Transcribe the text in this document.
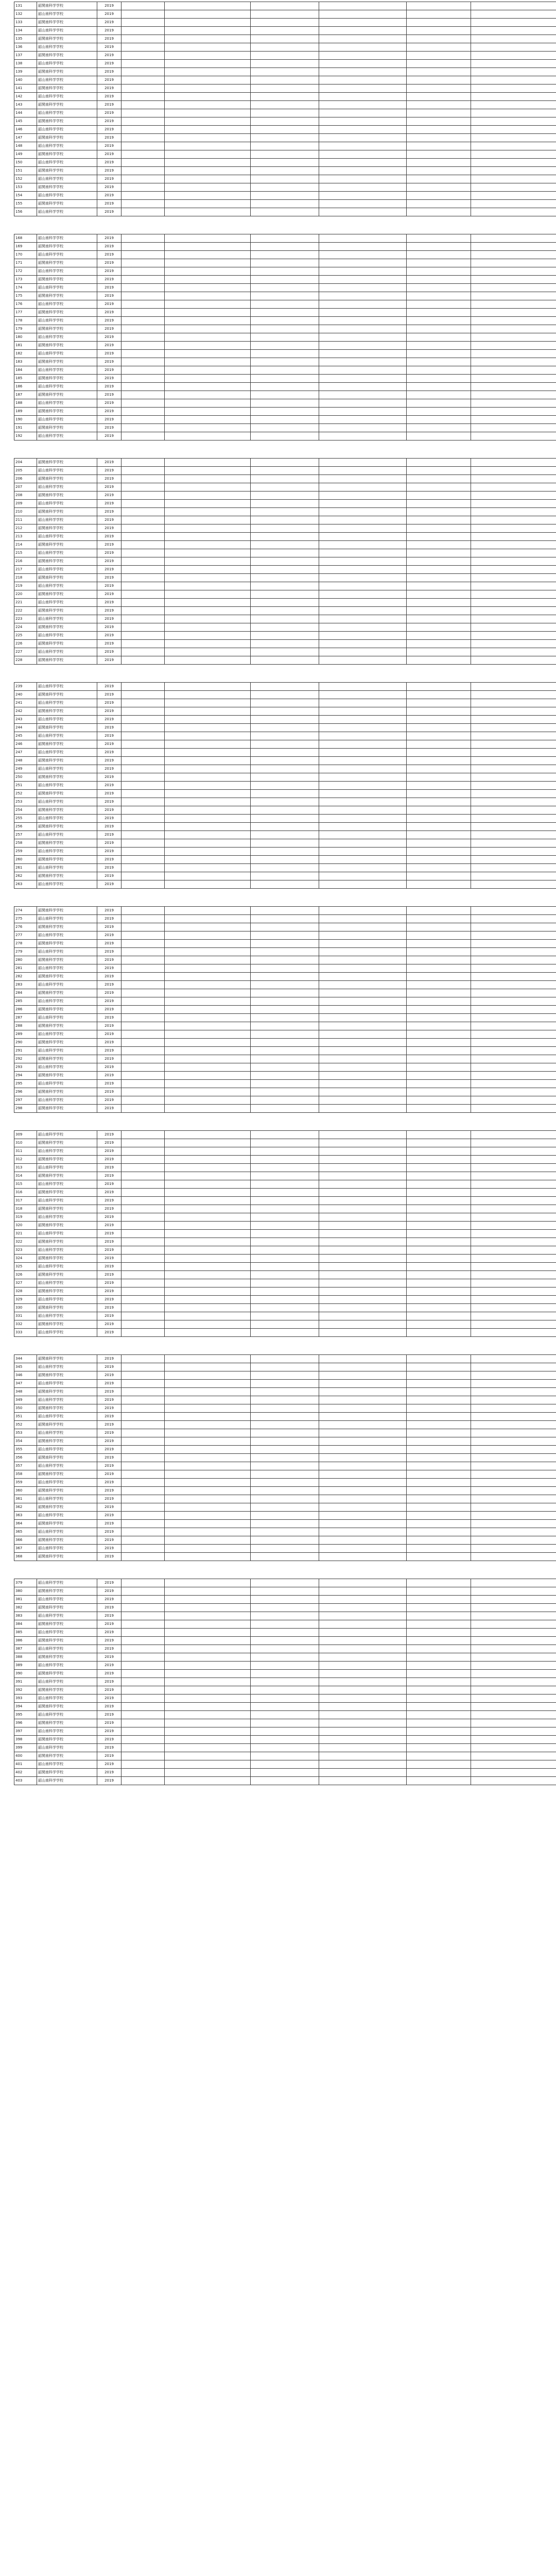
131	韶関南科学学校	2019							
132	韶山南科学学校	2019							
133	韶関南科学学校	2019							
134	韶山南科学学校	2019							
135	韶関南科学学校	2019							
136	韶山南科学学校	2019							
137	韶関南科学学校	2019							
138	韶山南科学学校	2019							
139	韶関南科学学校	2019							
140	韶山南科学学校	2019							
141	韶関南科学学校	2019							
142	韶山南科学学校	2019							
143	韶関南科学学校	2019							
144	韶山南科学学校	2019							
145	韶関南科学学校	2019							
146	韶山南科学学校	2019							
147	韶関南科学学校	2019							
148	韶山南科学学校	2019							
149	韶関南科学学校	2019							
150	韶山南科学学校	2019							
151	韶関南科学学校	2019							
152	韶山南科学学校	2019							
153	韶関南科学学校	2019							
154	韶山南科学学校	2019							
155	韶関南科学学校	2019							
156	韶山南科学学校	2019							
168	韶山南科学学校	2019							
169	韶関南科学学校	2019							
170	韶山南科学学校	2019							
171	韶関南科学学校	2019							
172	韶山南科学学校	2019							
173	韶関南科学学校	2019							
174	韶山南科学学校	2019							
175	韶関南科学学校	2019							
176	韶山南科学学校	2019							
177	韶関南科学学校	2019							
178	韶山南科学学校	2019							
179	韶関南科学学校	2019							
180	韶山南科学学校	2019							
181	韶関南科学学校	2019							
182	韶山南科学学校	2019							
183	韶関南科学学校	2019							
184	韶山南科学学校	2019							
185	韶関南科学学校	2019							
186	韶山南科学学校	2019							
187	韶関南科学学校	2019							
188	韶山南科学学校	2019							
189	韶関南科学学校	2019							
190	韶山南科学学校	2019							
191	韶関南科学学校	2019							
192	韶山南科学学校	2019							
204	韶関南科学学校	2019							
205	韶山南科学学校	2019							
206	韶関南科学学校	2019							
207	韶山南科学学校	2019							
208	韶関南科学学校	2019							
209	韶山南科学学校	2019							
210	韶関南科学学校	2019							
211	韶山南科学学校	2019							
212	韶関南科学学校	2019							
213	韶山南科学学校	2019							
214	韶関南科学学校	2019							
215	韶山南科学学校	2019							
216	韶関南科学学校	2019							
217	韶山南科学学校	2019							
218	韶関南科学学校	2019							
219	韶山南科学学校	2019							
220	韶関南科学学校	2019							
221	韶山南科学学校	2019							
222	韶関南科学学校	2019							
223	韶山南科学学校	2019							
224	韶関南科学学校	2019							
225	韶山南科学学校	2019							
226	韶関南科学学校	2019							
227	韶山南科学学校	2019							
228	韶関南科学学校	2019							
239	韶山南科学学校	2019							
240	韶関南科学学校	2019							
241	韶山南科学学校	2019							
242	韶関南科学学校	2019							
243	韶山南科学学校	2019							
244	韶関南科学学校	2019							
245	韶山南科学学校	2019							
246	韶関南科学学校	2019							
247	韶山南科学学校	2019							
248	韶関南科学学校	2019							
249	韶山南科学学校	2019							
250	韶関南科学学校	2019							
251	韶山南科学学校	2019							
252	韶関南科学学校	2019							
253	韶山南科学学校	2019							
254	韶関南科学学校	2019							
255	韶山南科学学校	2019							
256	韶関南科学学校	2019							
257	韶山南科学学校	2019							
258	韶関南科学学校	2019							
259	韶山南科学学校	2019							
260	韶関南科学学校	2019							
261	韶山南科学学校	2019							
262	韶関南科学学校	2019							
263	韶山南科学学校	2019							
274	韶関南科学学校	2019							
275	韶山南科学学校	2019							
276	韶関南科学学校	2019							
277	韶山南科学学校	2019							
278	韶関南科学学校	2019							
279	韶山南科学学校	2019							
280	韶関南科学学校	2019							
281	韶山南科学学校	2019							
282	韶関南科学学校	2019							
283	韶山南科学学校	2019							
284	韶関南科学学校	2019							
285	韶山南科学学校	2019							
286	韶関南科学学校	2019							
287	韶山南科学学校	2019							
288	韶関南科学学校	2019							
289	韶山南科学学校	2019							
290	韶関南科学学校	2019							
291	韶山南科学学校	2019							
292	韶関南科学学校	2019							
293	韶山南科学学校	2019							
294	韶関南科学学校	2019							
295	韶山南科学学校	2019							
296	韶関南科学学校	2019							
297	韶山南科学学校	2019							
298	韶関南科学学校	2019							
309	韶山南科学学校	2019							
310	韶関南科学学校	2019							
311	韶山南科学学校	2019							
312	韶関南科学学校	2019							
313	韶山南科学学校	2019							
314	韶関南科学学校	2019							
315	韶山南科学学校	2019							
316	韶関南科学学校	2019							
317	韶山南科学学校	2019							
318	韶関南科学学校	2019							
319	韶山南科学学校	2019							
320	韶関南科学学校	2019							
321	韶山南科学学校	2019							
322	韶関南科学学校	2019							
323	韶山南科学学校	2019							
324	韶関南科学学校	2019							
325	韶山南科学学校	2019							
326	韶関南科学学校	2019							
327	韶山南科学学校	2019							
328	韶関南科学学校	2019							
329	韶山南科学学校	2019							
330	韶関南科学学校	2019							
331	韶山南科学学校	2019							
332	韶関南科学学校	2019							
333	韶山南科学学校	2019							
344	韶関南科学学校	2019							
345	韶山南科学学校	2019							
346	韶関南科学学校	2019							
347	韶山南科学学校	2019							
348	韶関南科学学校	2019							
349	韶山南科学学校	2019							
350	韶関南科学学校	2019							
351	韶山南科学学校	2019							
352	韶関南科学学校	2019							
353	韶山南科学学校	2019							
354	韶関南科学学校	2019							
355	韶山南科学学校	2019							
356	韶関南科学学校	2019							
357	韶山南科学学校	2019							
358	韶関南科学学校	2019							
359	韶山南科学学校	2019							
360	韶関南科学学校	2019							
361	韶山南科学学校	2019							
362	韶関南科学学校	2019							
363	韶山南科学学校	2019							
364	韶関南科学学校	2019							
365	韶山南科学学校	2019							
366	韶関南科学学校	2019							
367	韶山南科学学校	2019							
368	韶関南科学学校	2019							
379	韶山南科学学校	2019							
380	韶関南科学学校	2019							
381	韶山南科学学校	2019							
382	韶関南科学学校	2019							
383	韶山南科学学校	2019							
384	韶関南科学学校	2019							
385	韶山南科学学校	2019							
386	韶関南科学学校	2019							
387	韶山南科学学校	2019							
388	韶関南科学学校	2019							
389	韶山南科学学校	2019							
390	韶関南科学学校	2019							
391	韶山南科学学校	2019							
392	韶関南科学学校	2019							
393	韶山南科学学校	2019							
394	韶関南科学学校	2019							
395	韶山南科学学校	2019							
396	韶関南科学学校	2019							
397	韶山南科学学校	2019							
398	韶関南科学学校	2019							
399	韶山南科学学校	2019							
400	韶関南科学学校	2019							
401	韶山南科学学校	2019							
402	韶関南科学学校	2019							
403	韶山南科学学校	2019							
